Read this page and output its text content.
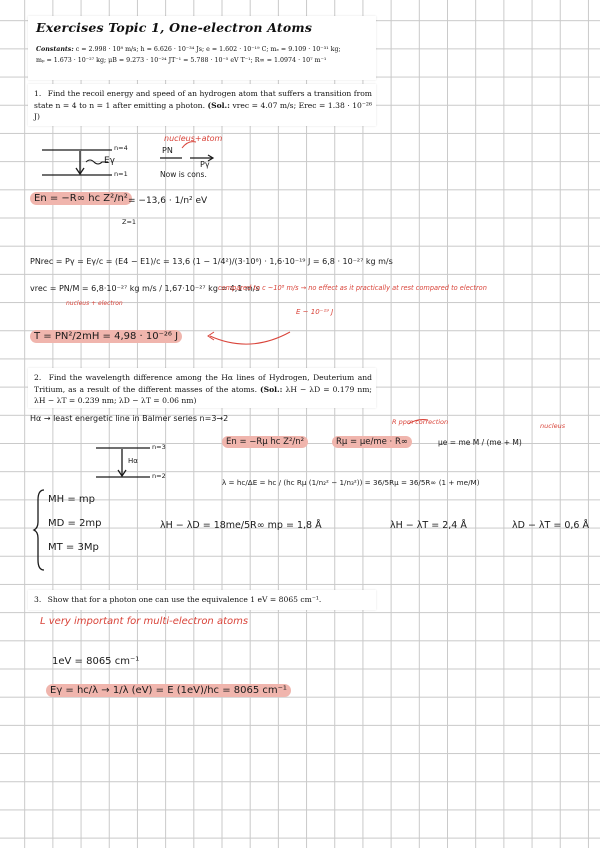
Exercises Topic 1, One-electron Atoms
Constants: c = 2.998 · 10⁸ m/s; h = 6.626 · 10⁻³⁴ Js; e = 1.602 · 10⁻¹⁹ C; mₑ = 9.109 · 10⁻³¹ kg;
mₚ = 1.673 · 10⁻²⁷ kg; μB = 9.273 · 10⁻²⁴ JT⁻¹ = 5.788 · 10⁻⁵ eV T⁻¹; R∞ = 1.0974 · 10⁷ m⁻¹
1. Find the recoil energy and speed of an hydrogen atom that suffers a transition from state n = 4 to n = 1 after emitting a photon. (Sol.: vrec = 4.07 m/s; Erec = 1.38 · 10⁻²⁶ J)
2. Find the wavelength difference among the Hα lines of Hydrogen, Deuterium and Tritium, as a result of the different masses of the atoms. (Sol.: λH − λD = 0.179 nm; λH − λT = 0.239 nm; λD − λT = 0.06 nm)
3. Show that for a photon one can use the equivalence 1 eV = 8065 cm⁻¹.
nucleus+atom
n=4
n=1
Eγ
PN
Pγ
Now is cons.
En = −R∞ hc Z²/n² = −13,6 · 1/n² eV
Z=1
PNrec = Pγ = Eγ/c = (E4 − E1)/c = 13,6 (1 − 1/4²)/(3·10⁸) · 1,6·10⁻¹⁹ J = 6,8 · 10⁻²⁷ kg m/s
vrec = PN/M = 6,8·10⁻²⁷ kg m/s / 1,67·10⁻²⁷ kg = 4,1 m/s
compared to c ~10⁸ m/s → no effect as it practically at rest compared to electron
nucleus + electron
E ~ 10⁻¹⁹ J
T = PN²/2mH = 4,98 · 10⁻²⁶ J
Hα → least energetic line in Balmer series n=3→2	R ppm correction	nucleus
n=3
n=2
Hα
En = −Rμ hc Z²/n²	Rμ = μe/me · R∞	μe = me M / (me + M)
λ = hc/ΔE = hc / (hc Rμ (1/n₂² − 1/n₃²)) = 36/5Rμ = 36/5R∞ (1 + me/M)
MH = mp
MD = 2mp
MT = 3Mp
λH − λD = 18me/5R∞ mp = 1,8 Å	λH − λT = 2,4 Å	λD − λT = 0,6 Å
L very important for multi-electron atoms
1eV = 8065 cm⁻¹
Eγ = hc/λ → 1/λ (eV) = E (1eV)/hc = 8065 cm⁻¹
